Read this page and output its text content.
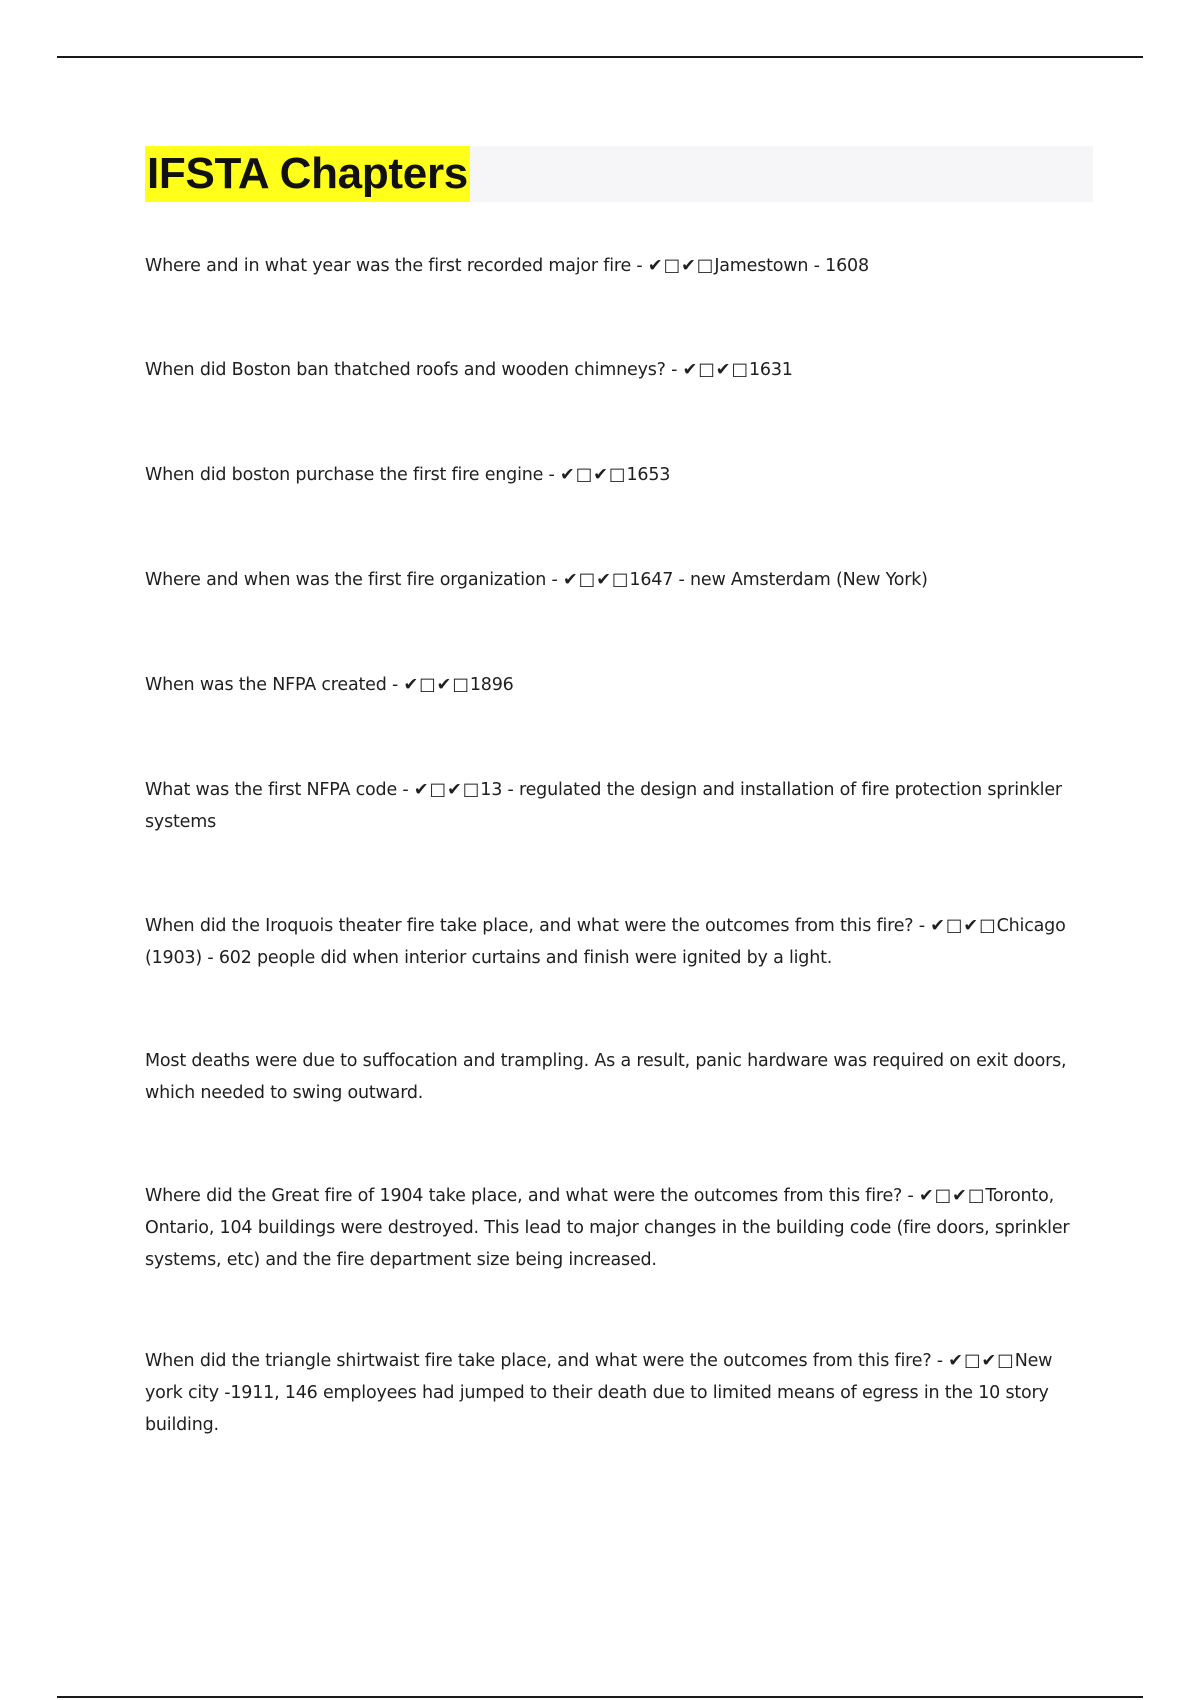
IFSTA Chapters

Where and in what year was the first recorded major fire - ✔□✔□Jamestown - 1608

When did Boston ban thatched roofs and wooden chimneys? - ✔□✔□1631

When did boston purchase the first fire engine - ✔□✔□1653

Where and when was the first fire organization - ✔□✔□1647 - new Amsterdam (New York)

When was the NFPA created - ✔□✔□1896

What was the first NFPA code - ✔□✔□13 - regulated the design and installation of fire protection sprinkler systems

When did the Iroquois theater fire take place, and what were the outcomes from this fire? - ✔□✔□Chicago (1903) - 602 people did when interior curtains and finish were ignited by a light.

Most deaths were due to suffocation and trampling. As a result, panic hardware was required on exit doors, which needed to swing outward.

Where did the Great fire of 1904 take place, and what were the outcomes from this fire? - ✔□✔□Toronto, Ontario, 104 buildings were destroyed. This lead to major changes in the building code (fire doors, sprinkler systems, etc) and the fire department size being increased.

When did the triangle shirtwaist fire take place, and what were the outcomes from this fire? - ✔□✔□New york city -1911, 146 employees had jumped to their death due to limited means of egress in the 10 story building.
